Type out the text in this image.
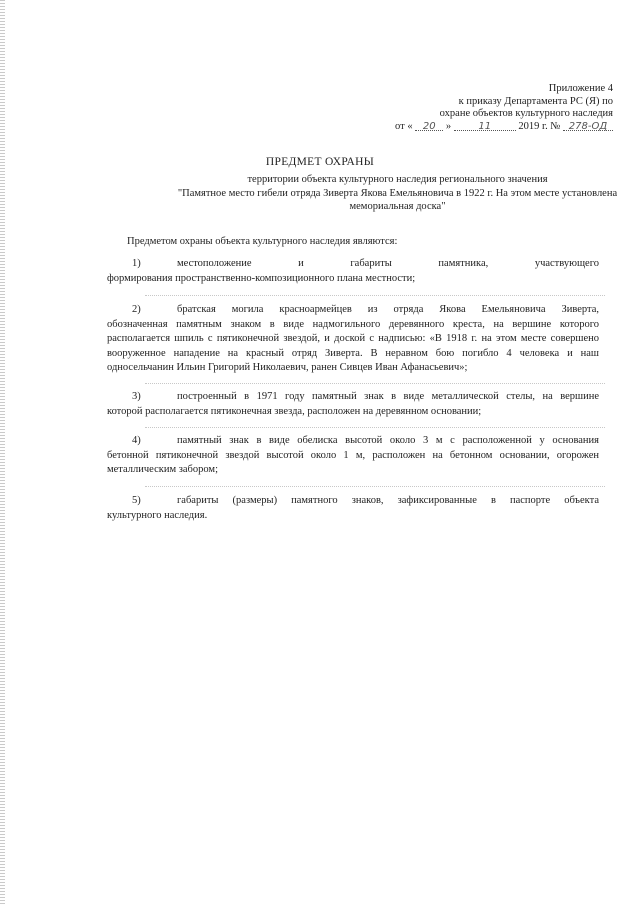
Приложение 4
к приказу Департамента РС (Я) по
охране объектов культурного наследия
от « 20 »	11	2019 г. № 278-ОД
ПРЕДМЕТ ОХРАНЫ
территории объекта культурного наследия регионального значения
"Памятное место гибели отряда Зиверта Якова Емельяновича в 1922 г. На этом месте установлена
мемориальная доска"
Предметом охраны объекта культурного наследия являются:
1)	местоположение и габариты памятника, участвующего
формирования пространственно-композиционного плана местности;
2)	братская могила красноармейцев из отряда Якова Емельяновича Зиверта,
обозначенная памятным знаком в виде надмогильного деревянного креста, на вершине которого располагается шпиль с пятиконечной звездой, и доской с надписью: «В 1918 г. на этом месте совершено вооруженное нападение на красный отряд Зиверта. В неравном бою погибло 4 человека и наш односельчанин Ильин Григорий Николаевич, ранен Сивцев Иван Афанасьевич»;
3)	построенный в 1971 году памятный знак в виде металлической стелы, на вершине
которой располагается пятиконечная звезда, расположен на деревянном основании;
4)	памятный знак в виде обелиска высотой около 3 м с расположенной у основания
бетонной пятиконечной звездой высотой около 1 м, расположен на бетонном основании, огорожен металлическим забором;
5)	габариты (размеры) памятного знаков, зафиксированные в паспорте объекта
культурного наследия.
